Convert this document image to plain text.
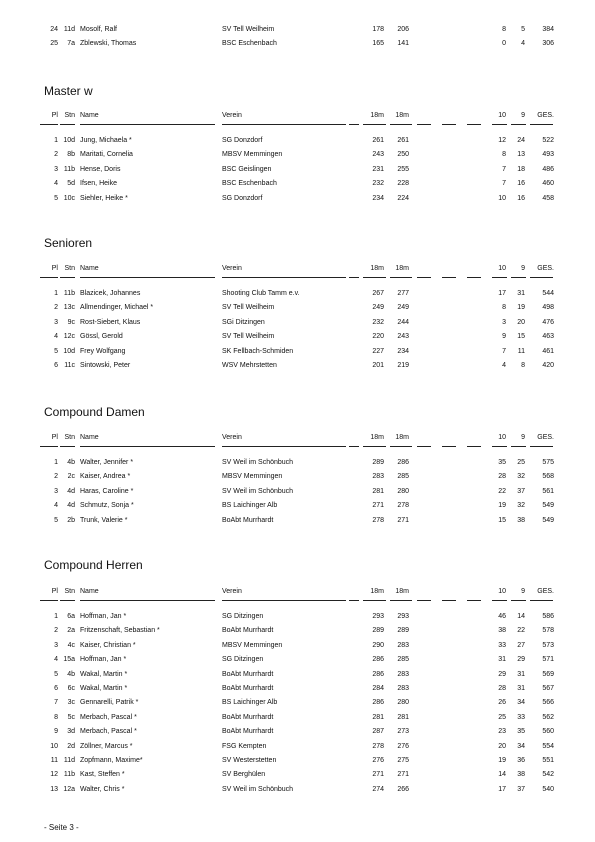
24 11d Mosolf, Ralf	SV Tell Weilheim	178	206	8	5	384
25	7a Zblewski, Thomas	BSC Eschenbach	165	141	0	4	306
Master w
Pl Stn Name	Verein	18m	18m	10	9	GES.
1 10d Jung, Michaela *	SG Donzdorf	261	261	12	24	522
2	8b Maritati, Cornelia	MBSV Memmingen	243	250	8	13	493
3 11b Hense, Doris	BSC Geislingen	231	255	7	18	486
4	5d Ifsen, Heike	BSC Eschenbach	232	228	7	16	460
5 10c Siehler, Heike *	SG Donzdorf	234	224	10	16	458
Senioren
Pl Stn Name	Verein	18m	18m	10	9	GES.
1 11b Blazicek, Johannes	Shooting Club Tamm e.v.	267	277	17	31	544
2 13c Allmendinger, Michael *	SV Tell Weilheim	249	249	8	19	498
3	9c Rost-Siebert, Klaus	SGi Ditzingen	232	244	3	20	476
4 12c Gössl, Gerold	SV Tell Weilheim	220	243	9	15	463
5 10d Frey Wolfgang	SK Fellbach-Schmiden	227	234	7	11	461
6 11c Sintowski, Peter	WSV Mehrstetten	201	219	4	8	420
Compound Damen
Pl Stn Name	Verein	18m	18m	10	9	GES.
1	4b Walter, Jennifer *	SV Weil im Schönbuch	289	286	35	25	575
2	2c Kaiser, Andrea *	MBSV Memmingen	283	285	28	32	568
3	4d Haras, Caroline *	SV Weil im Schönbuch	281	280	22	37	561
4	4d Schmutz, Sonja *	BS Laichinger Alb	271	278	19	32	549
5	2b Trunk, Valerie *	BoAbt Murrhardt	278	271	15	38	549
Compound Herren
Pl Stn Name	Verein	18m	18m	10	9	GES.
1	6a Hoffman, Jan *	SG Ditzingen	293	293	46	14	586
2	2a Fritzenschaft, Sebastian *	BoAbt Murrhardt	289	289	38	22	578
3	4c Kaiser, Christian *	MBSV Memmingen	290	283	33	27	573
4 15a Hoffman, Jan *	SG Ditzingen	286	285	31	29	571
5	4b Wakal, Martin *	BoAbt Murrhardt	286	283	29	31	569
6	6c Wakal, Martin *	BoAbt Murrhardt	284	283	28	31	567
7	3c Gennarelli, Patrik *	BS Laichinger Alb	286	280	26	34	566
8	5c Merbach, Pascal *	BoAbt Murrhardt	281	281	25	33	562
9	3d Merbach, Pascal *	BoAbt Murrhardt	287	273	23	35	560
10	2d Zöllner, Marcus *	FSG Kempten	278	276	20	34	554
11 11d Zopfmann, Maxime*	SV Westerstetten	276	275	19	36	551
12 11b Kast, Steffen *	SV Berghülen	271	271	14	38	542
13 12a Walter, Chris *	SV Weil im Schönbuch	274	266	17	37	540
- Seite 3 -
